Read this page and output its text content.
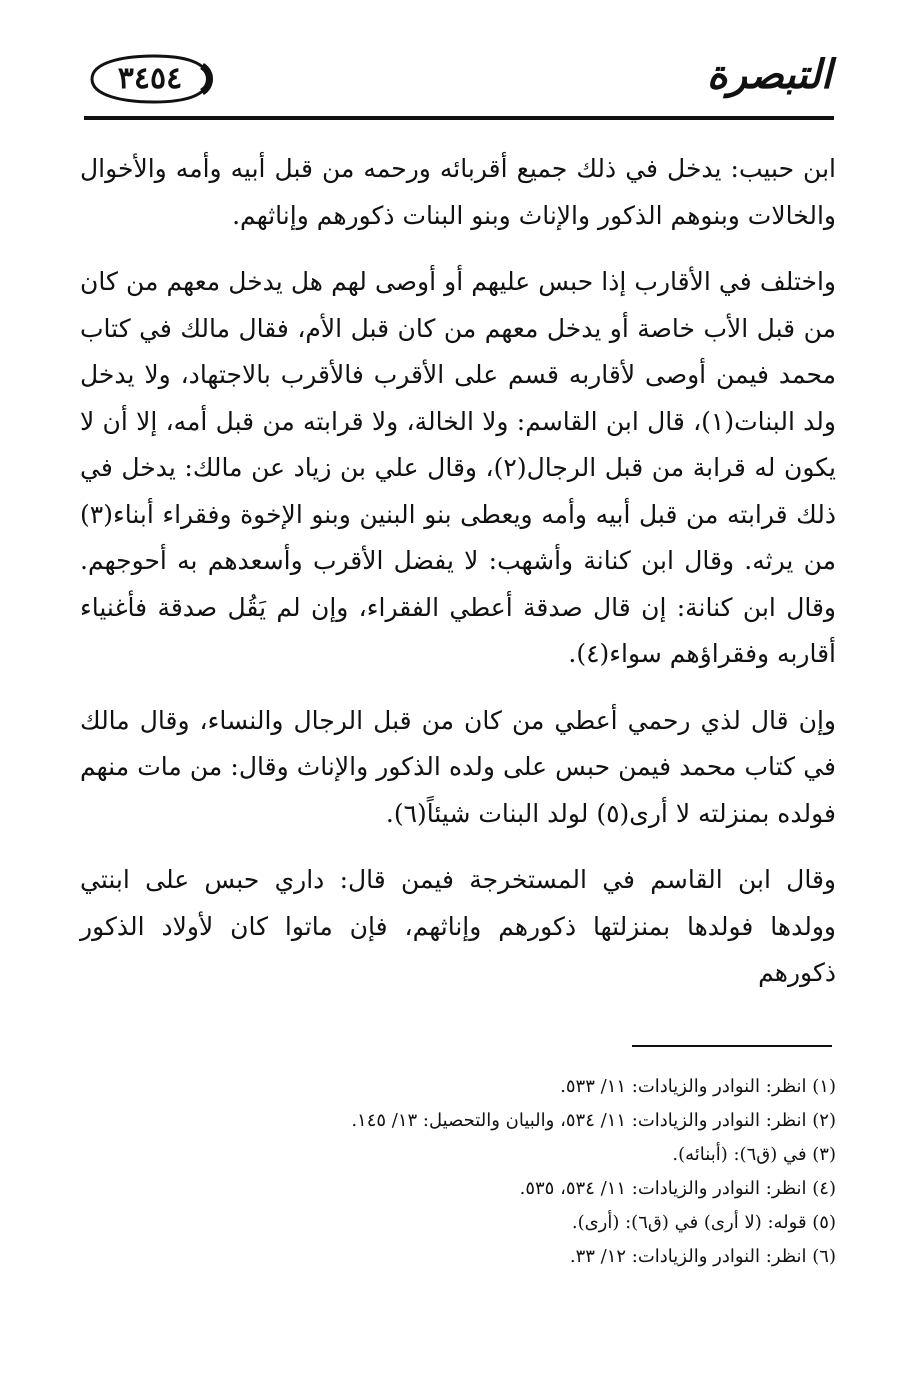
٣٤٥٤	التبصرة

ابن حبيب: يدخل في ذلك جميع أقربائه ورحمه من قبل أبيه وأمه والأخوال والخالات وبنوهم الذكور والإناث وبنو البنات ذكورهم وإناثهم.

واختلف في الأقارب إذا حبس عليهم أو أوصى لهم هل يدخل معهم من كان من قبل الأب خاصة أو يدخل معهم من كان قبل الأم، فقال مالك في كتاب محمد فيمن أوصى لأقاربه قسم على الأقرب فالأقرب بالاجتهاد، ولا يدخل ولد البنات(١)، قال ابن القاسم: ولا الخالة، ولا قرابته من قبل أمه، إلا أن لا يكون له قرابة من قبل الرجال(٢)، وقال علي بن زياد عن مالك: يدخل في ذلك قرابته من قبل أبيه وأمه ويعطى بنو البنين وبنو الإخوة وفقراء أبناء(٣) من يرثه. وقال ابن كنانة وأشهب: لا يفضل الأقرب وأسعدهم به أحوجهم. وقال ابن كنانة: إن قال صدقة أعطي الفقراء، وإن لم يَقُل صدقة فأغنياء أقاربه وفقراؤهم سواء(٤).

وإن قال لذي رحمي أعطي من كان من قبل الرجال والنساء، وقال مالك في كتاب محمد فيمن حبس على ولده الذكور والإناث وقال: من مات منهم فولده بمنزلته لا أرى(٥) لولد البنات شيئاً(٦).

وقال ابن القاسم في المستخرجة فيمن قال: داري حبس على ابنتي وولدها فولدها بمنزلتها ذكورهم وإناثهم، فإن ماتوا كان لأولاد الذكور ذكورهم

(١) انظر: النوادر والزيادات: ١١/ ٥٣٣.
(٢) انظر: النوادر والزيادات: ١١/ ٥٣٤، والبيان والتحصيل: ١٣/ ١٤٥.
(٣) في (ق٦): (أبنائه).
(٤) انظر: النوادر والزيادات: ١١/ ٥٣٤، ٥٣٥.
(٥) قوله: (لا أرى) في (ق٦): (أرى).
(٦) انظر: النوادر والزيادات: ١٢/ ٣٣.
